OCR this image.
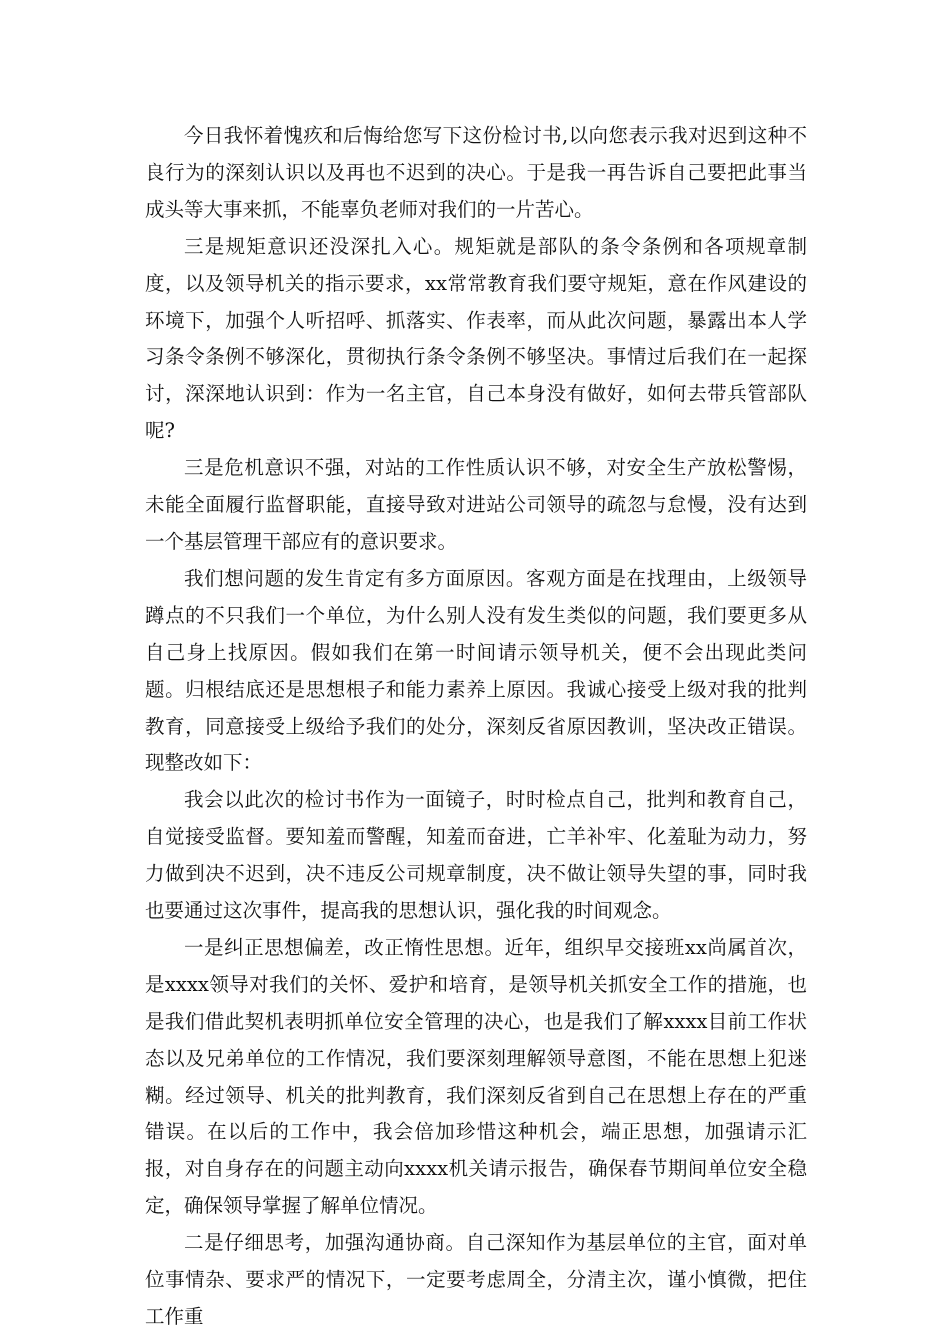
今日我怀着愧疚和后悔给您写下这份检讨书,以向您表示我对迟到这种不良行为的深刻认识以及再也不迟到的决心。于是我一再告诉自己要把此事当成头等大事来抓，不能辜负老师对我们的一片苦心。

三是规矩意识还没深扎入心。规矩就是部队的条令条例和各项规章制度，以及领导机关的指示要求，xx常常教育我们要守规矩，意在作风建设的环境下，加强个人听招呼、抓落实、作表率，而从此次问题，暴露出本人学习条令条例不够深化，贯彻执行条令条例不够坚决。事情过后我们在一起探讨，深深地认识到：作为一名主官，自己本身没有做好，如何去带兵管部队呢?

三是危机意识不强，对站的工作性质认识不够，对安全生产放松警惕，未能全面履行监督职能，直接导致对进站公司领导的疏忽与怠慢，没有达到一个基层管理干部应有的意识要求。

我们想问题的发生肯定有多方面原因。客观方面是在找理由，上级领导蹲点的不只我们一个单位，为什么别人没有发生类似的问题，我们要更多从自己身上找原因。假如我们在第一时间请示领导机关，便不会出现此类问题。归根结底还是思想根子和能力素养上原因。我诚心接受上级对我的批判教育，同意接受上级给予我们的处分，深刻反省原因教训，坚决改正错误。现整改如下：

我会以此次的检讨书作为一面镜子，时时检点自己，批判和教育自己，自觉接受监督。要知羞而警醒，知羞而奋进，亡羊补牢、化羞耻为动力，努力做到决不迟到，决不违反公司规章制度，决不做让领导失望的事，同时我也要通过这次事件，提高我的思想认识，强化我的时间观念。

一是纠正思想偏差，改正惰性思想。近年，组织早交接班xx尚属首次，是xxxx领导对我们的关怀、爱护和培育，是领导机关抓安全工作的措施，也是我们借此契机表明抓单位安全管理的决心，也是我们了解xxxx目前工作状态以及兄弟单位的工作情况，我们要深刻理解领导意图，不能在思想上犯迷糊。经过领导、机关的批判教育，我们深刻反省到自己在思想上存在的严重错误。在以后的工作中，我会倍加珍惜这种机会，端正思想，加强请示汇报，对自身存在的问题主动向xxxx机关请示报告，确保春节期间单位安全稳定，确保领导掌握了解单位情况。

二是仔细思考，加强沟通协商。自己深知作为基层单位的主官，面对单位事情杂、要求严的情况下，一定要考虑周全，分清主次，谨小慎微，把住工作重
